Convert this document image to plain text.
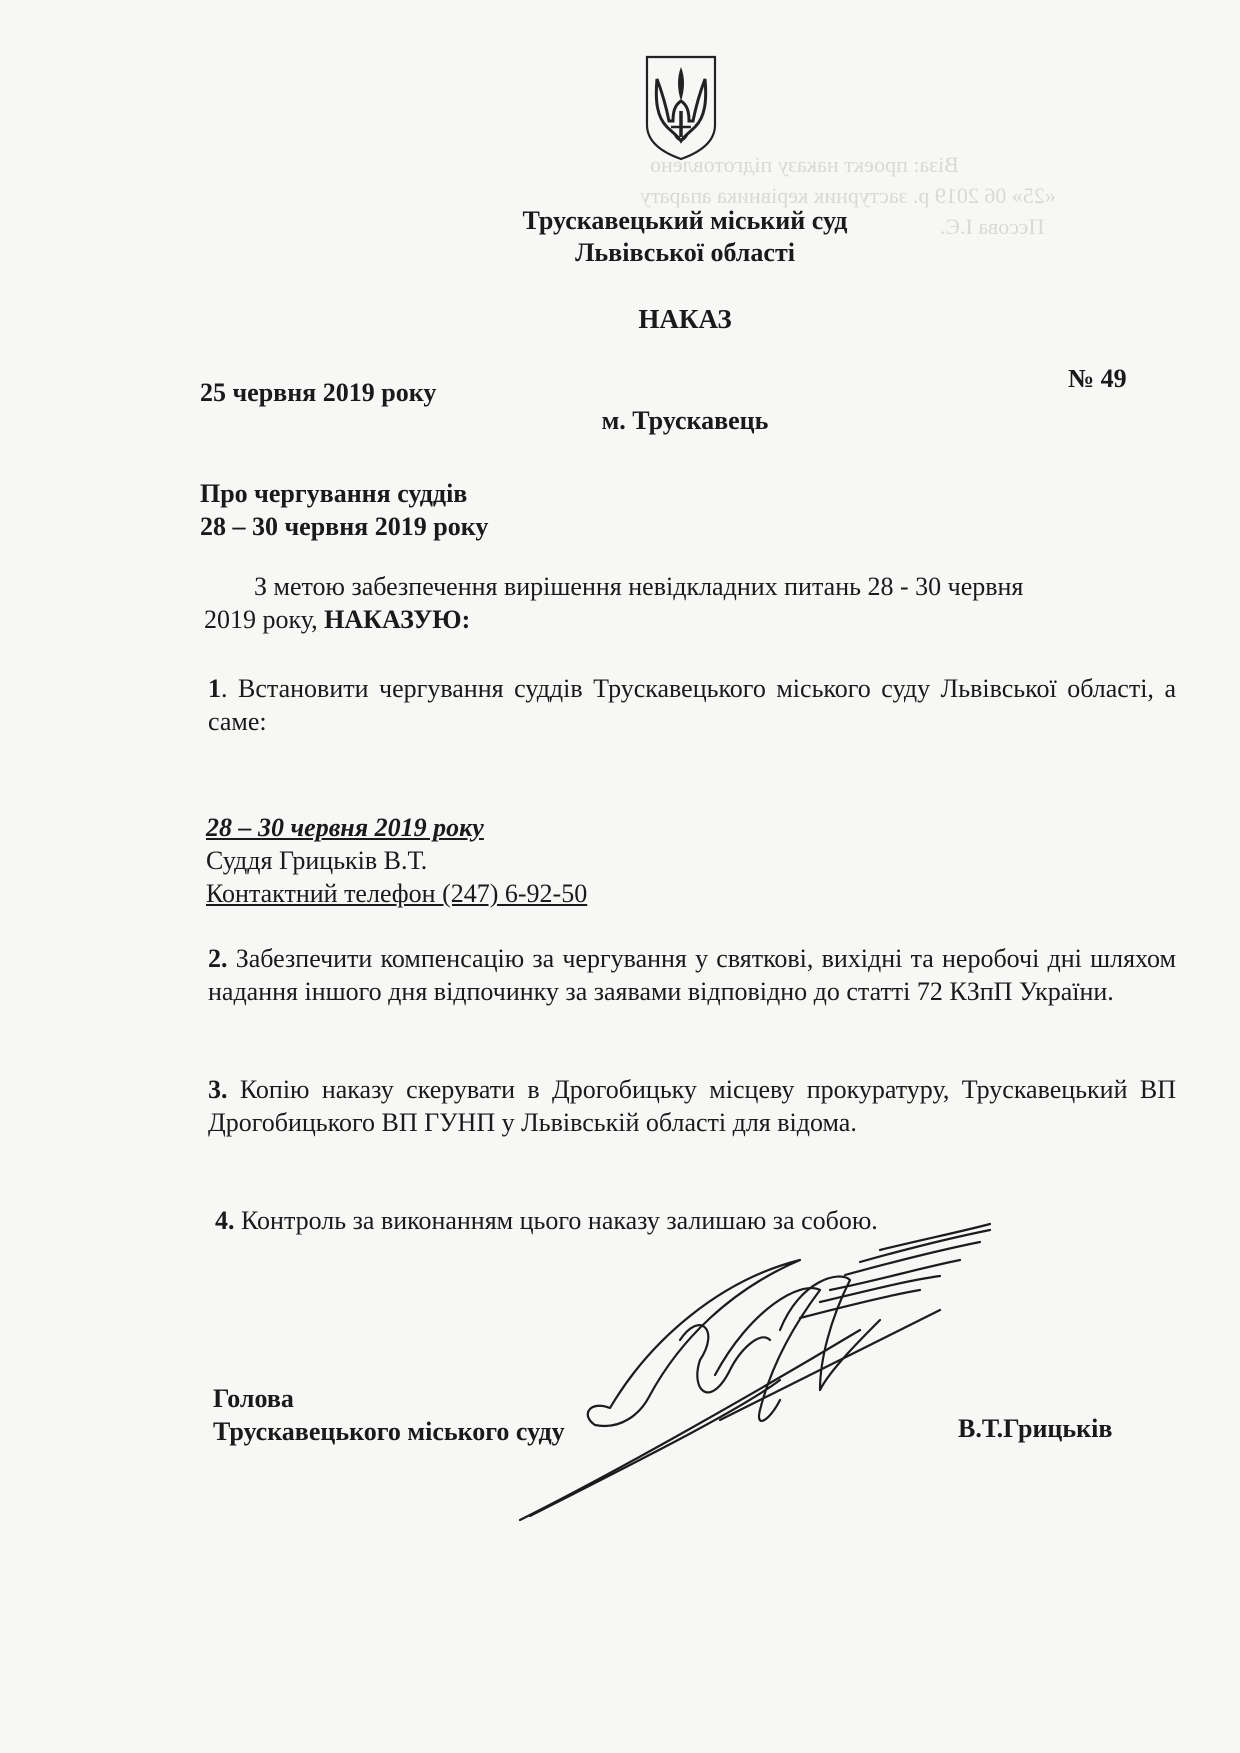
Віза: проект наказу підготовлено
«25» 06 2019 р. застурник керівника апарату
Пєсова І.Є.
Трускавецький міський суд
Львівської області
НАКАЗ
25 червня 2019 року	№ 49
м. Трускавець
Про чергування суддів
28 – 30 червня 2019 року
З метою забезпечення вирішення невідкладних питань 28 - 30 червня
2019 року, НАКАЗУЮ:
1. Встановити чергування суддів Трускавецького міського суду Львівської області, а саме:
28 – 30 червня 2019 року
Суддя Грицьків В.Т.
Контактний телефон (247) 6-92-50
2. Забезпечити компенсацію за чергування у святкові, вихідні та неробочі дні шляхом надання іншого дня відпочинку за заявами відповідно до статті 72 КЗпП України.
3. Копію наказу скерувати в Дрогобицьку місцеву прокуратуру, Трускавецький ВП Дрогобицького ВП ГУНП у Львівській області для відома.
4. Контроль за виконанням цього наказу залишаю за собою.
Голова
Трускавецького міського суду	В.Т.Грицьків
